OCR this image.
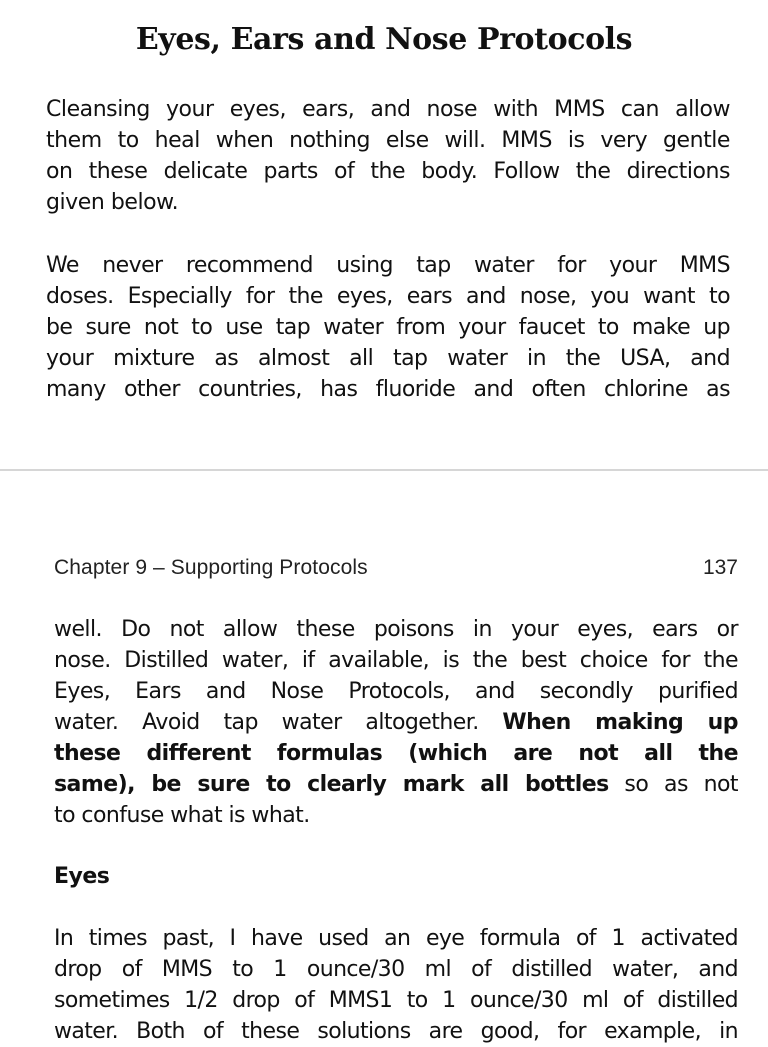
Eyes, Ears and Nose Protocols

Cleansing your eyes, ears, and nose with MMS can allow
them to heal when nothing else will. MMS is very gentle
on these delicate parts of the body. Follow the directions
given below.

We never recommend using tap water for your MMS
doses. Especially for the eyes, ears and nose, you want to
be sure not to use tap water from your faucet to make up
your mixture as almost all tap water in the USA, and
many other countries, has fluoride and often chlorine as

Chapter 9 – Supporting Protocols	137

well. Do not allow these poisons in your eyes, ears or
nose. Distilled water, if available, is the best choice for the
Eyes, Ears and Nose Protocols, and secondly purified
water. Avoid tap water altogether. When making up
these different formulas (which are not all the
same), be sure to clearly mark all bottles so as not
to confuse what is what.

Eyes

In times past, I have used an eye formula of 1 activated
drop of MMS to 1 ounce/30 ml of distilled water, and
sometimes 1/2 drop of MMS1 to 1 ounce/30 ml of distilled
water. Both of these solutions are good, for example, in
